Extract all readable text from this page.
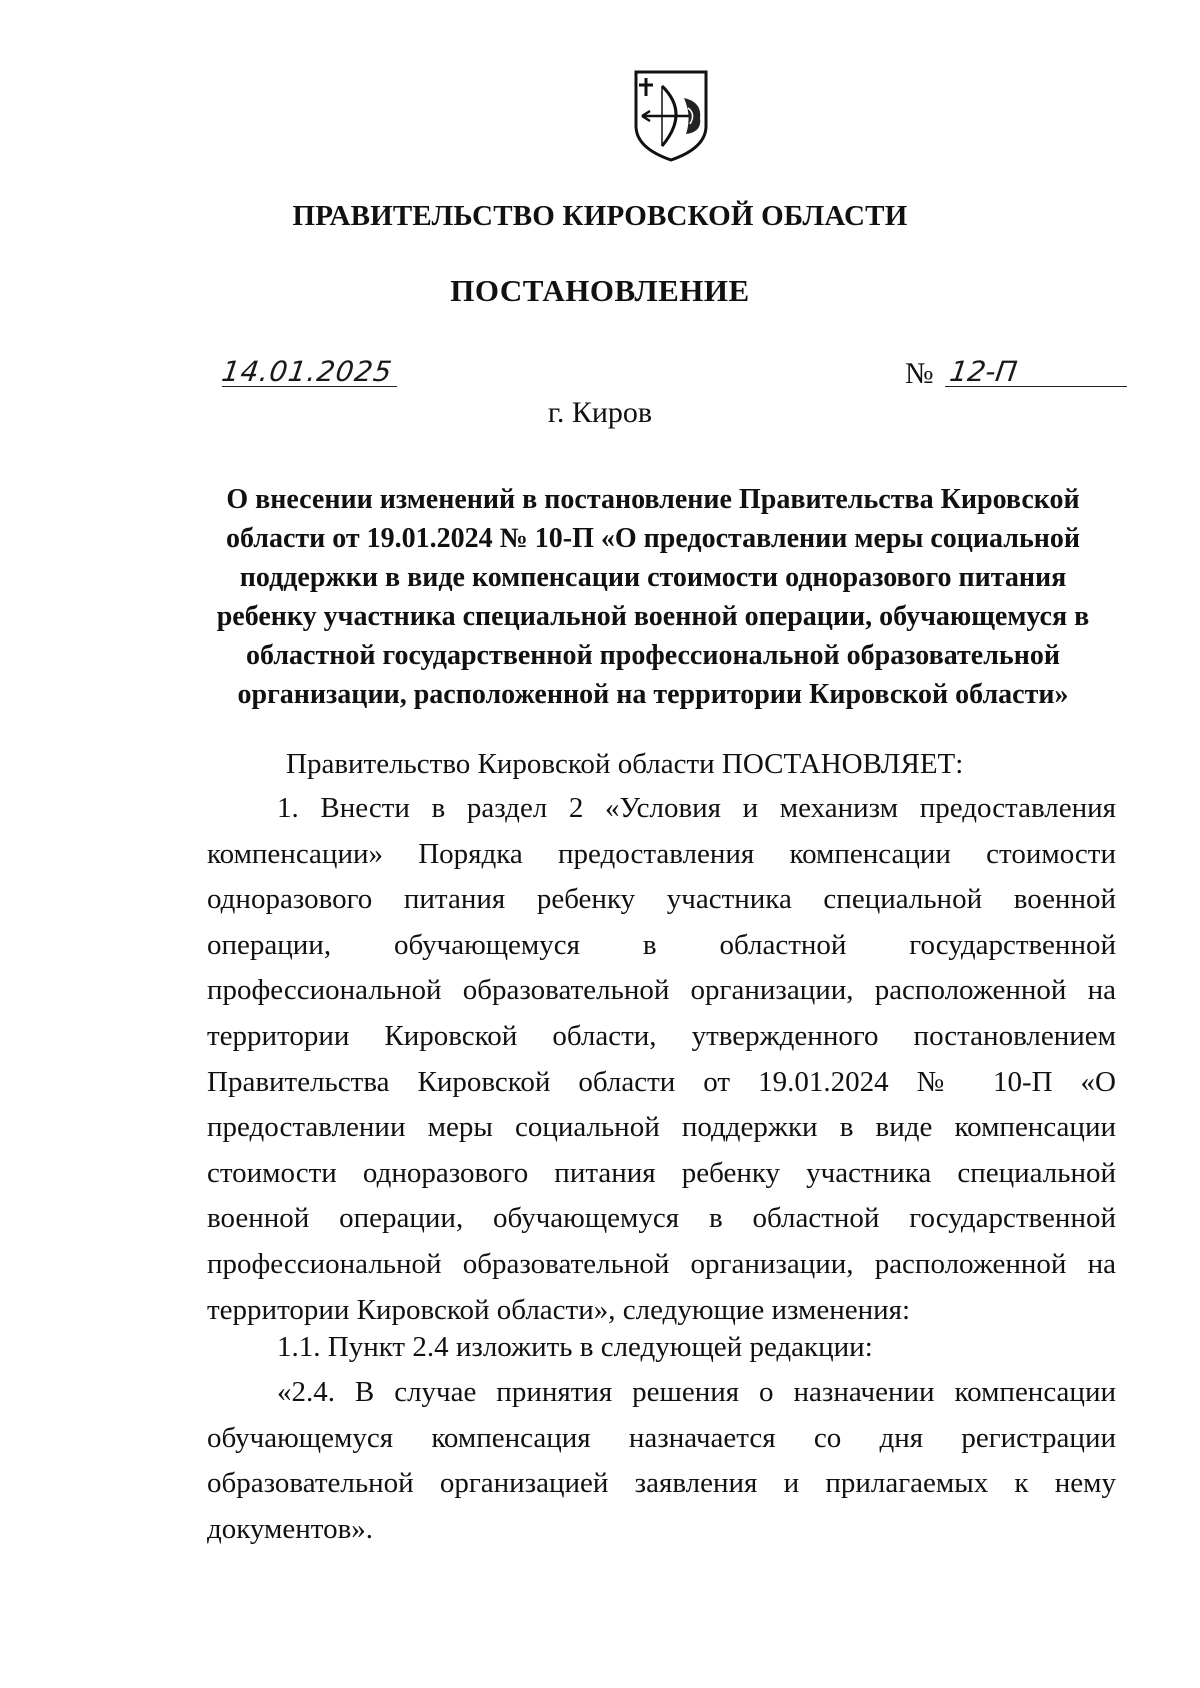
ПРАВИТЕЛЬСТВО КИРОВСКОЙ ОБЛАСТИ
ПОСТАНОВЛЕНИЕ
14.01.2025	№ 12-П
г. Киров
О внесении изменений в постановление Правительства Кировской области от 19.01.2024 № 10-П «О предоставлении меры социальной поддержки в виде компенсации стоимости одноразового питания ребенку участника специальной военной операции, обучающемуся в областной государственной профессиональной образовательной организации, расположенной на территории Кировской области»
Правительство Кировской области ПОСТАНОВЛЯЕТ:

1. Внести в раздел 2 «Условия и механизм предоставления компенсации» Порядка предоставления компенсации стоимости одноразового питания ребенку участника специальной военной операции, обучающемуся в областной государственной профессиональной образовательной организации, расположенной на территории Кировской области, утвержденного постановлением Правительства Кировской области от 19.01.2024 № 10-П «О предоставлении меры социальной поддержки в виде компенсации стоимости одноразового питания ребенку участника специальной военной операции, обучающемуся в областной государственной профессиональной образовательной организации, расположенной на территории Кировской области», следующие изменения:

1.1. Пункт 2.4 изложить в следующей редакции:

«2.4. В случае принятия решения о назначении компенсации обучающемуся компенсация назначается со дня регистрации образовательной организацией заявления и прилагаемых к нему документов».
